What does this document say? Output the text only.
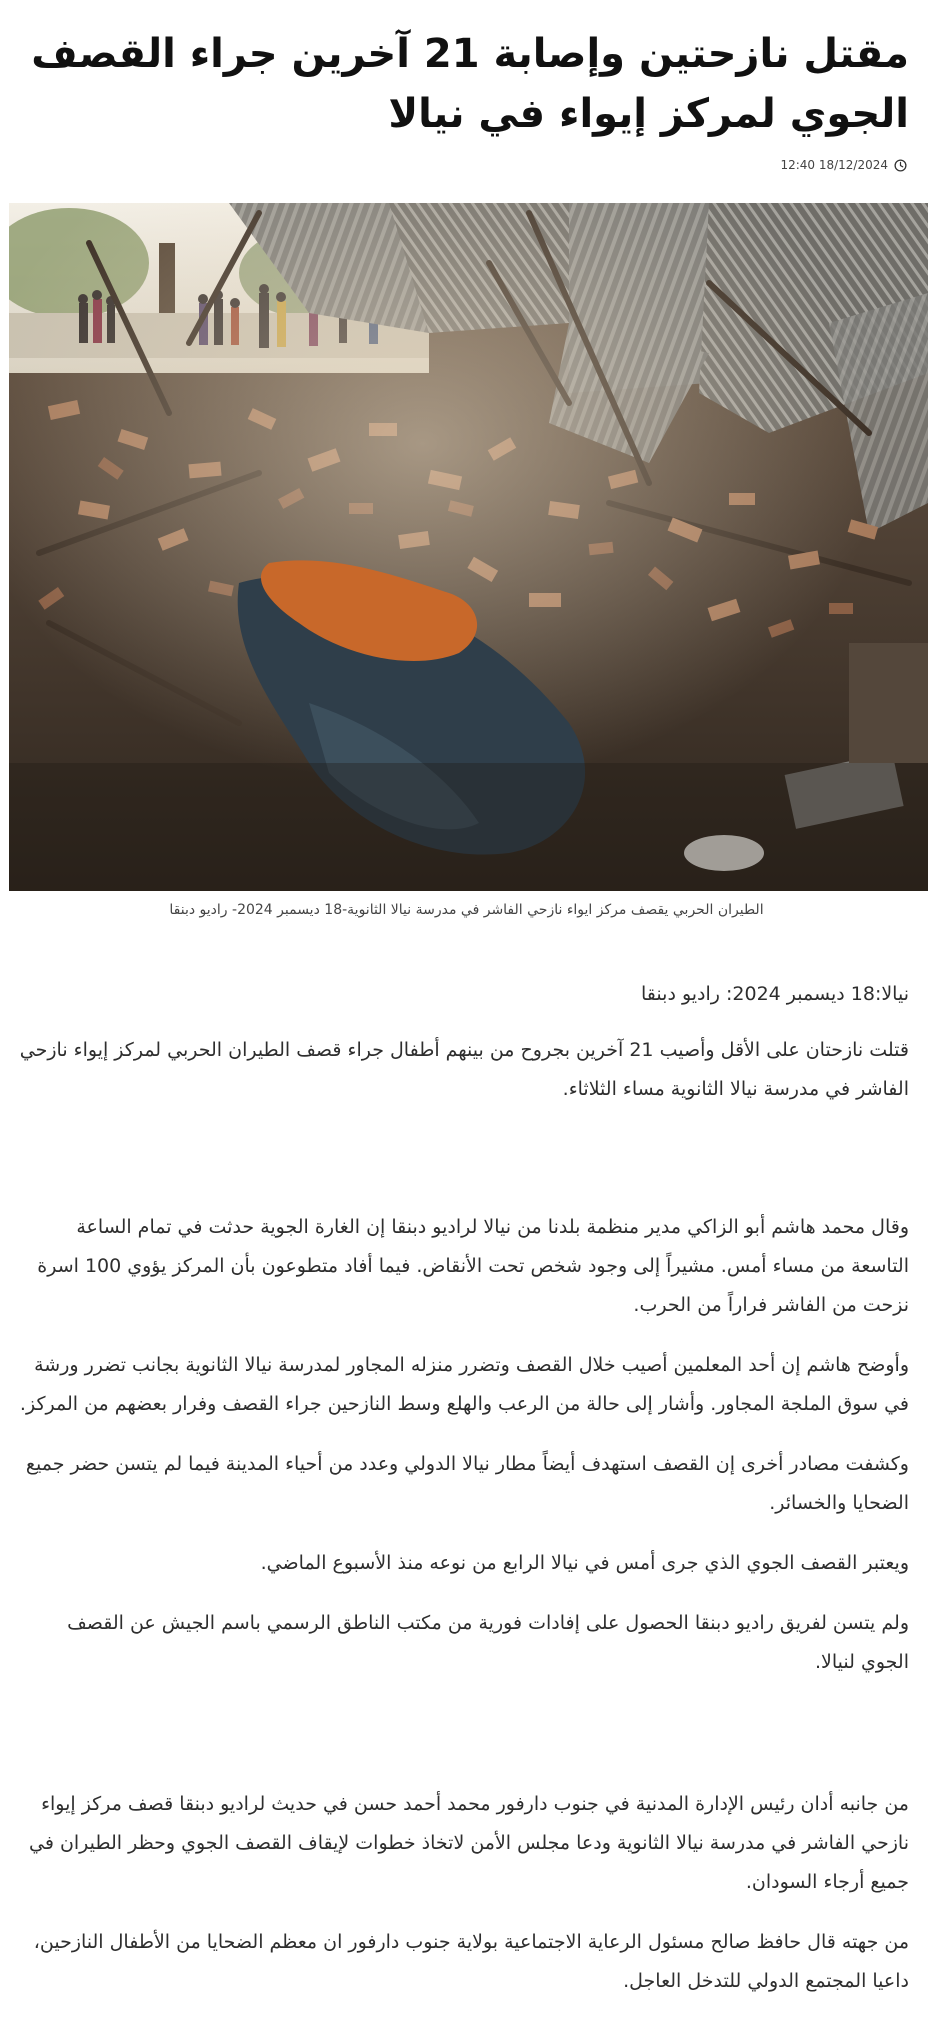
مقتل نازحتين وإصابة 21 آخرين جراء القصف الجوي لمركز إيواء في نيالا
12:40 18/12/2024
الطيران الحربي يقصف مركز ايواء نازحي الفاشر في مدرسة نيالا الثانوية-18 ديسمبر 2024- راديو دبنقا

نيالا:18 ديسمبر 2024: راديو دبنقا

قتلت نازحتان على الأقل وأصيب 21 آخرين بجروح من بينهم أطفال جراء قصف الطيران الحربي لمركز إيواء نازحي الفاشر في مدرسة نيالا الثانوية مساء الثلاثاء.

وقال محمد هاشم أبو الزاكي مدير منظمة بلدنا من نيالا لراديو دبنقا إن الغارة الجوية حدثت في تمام الساعة التاسعة من مساء أمس. مشيراً إلى وجود شخص تحت الأنقاض. فيما أفاد متطوعون بأن المركز يؤوي 100 اسرة نزحت من الفاشر فراراً من الحرب.

وأوضح هاشم إن أحد المعلمين أصيب خلال القصف وتضرر منزله المجاور لمدرسة نيالا الثانوية بجانب تضرر ورشة في سوق الملجة المجاور. وأشار إلى حالة من الرعب والهلع وسط النازحين جراء القصف وفرار بعضهم من المركز.

وكشفت مصادر أخرى إن القصف استهدف أيضاً مطار نيالا الدولي وعدد من أحياء المدينة فيما لم يتسن حضر جميع الضحايا والخسائر.

ويعتبر القصف الجوي الذي جرى أمس في نيالا الرابع من نوعه منذ الأسبوع الماضي.

ولم يتسن لفريق راديو دبنقا الحصول على إفادات فورية من مكتب الناطق الرسمي باسم الجيش عن القصف الجوي لنيالا.

من جانبه أدان رئيس الإدارة المدنية في جنوب دارفور محمد أحمد حسن في حديث لراديو دبنقا قصف مركز إيواء نازحي الفاشر في مدرسة نيالا الثانوية ودعا مجلس الأمن لاتخاذ خطوات لإيقاف القصف الجوي وحظر الطيران في جميع أرجاء السودان.

من جهته قال حافظ صالح مسئول الرعاية الاجتماعية بولاية جنوب دارفور ان معظم الضحايا من الأطفال النازحين، داعيا المجتمع الدولي للتدخل العاجل.
